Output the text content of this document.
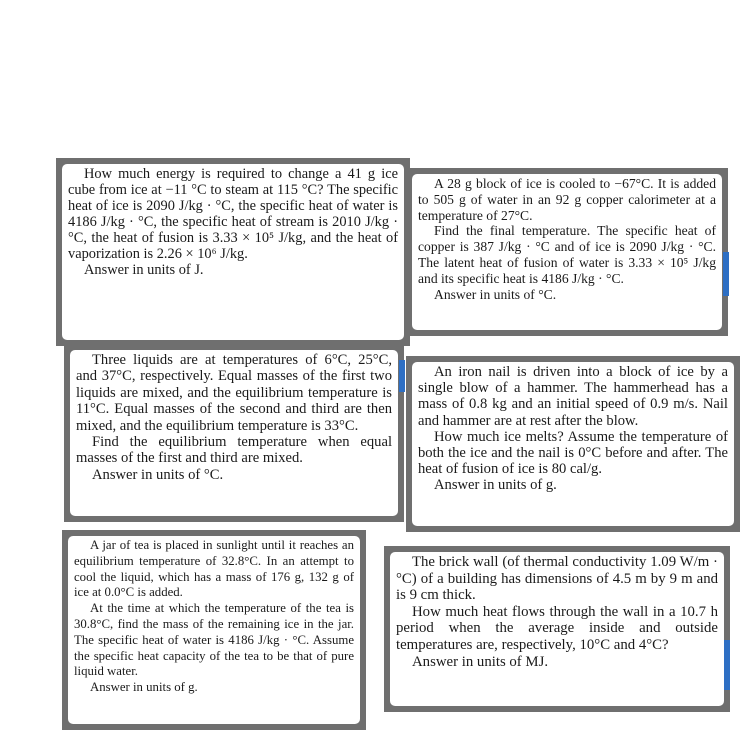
How much energy is required to change a 41 g ice cube from ice at −11 °C to steam at 115 °C? The specific heat of ice is 2090 J/kg · °C, the specific heat of water is 4186 J/kg · °C, the specific heat of stream is 2010 J/kg · °C, the heat of fusion is 3.33 × 10⁵ J/kg, and the heat of vaporization is 2.26 × 10⁶ J/kg.

Answer in units of J.

A 28 g block of ice is cooled to −67°C. It is added to 505 g of water in an 92 g copper calorimeter at a temperature of 27°C.

Find the final temperature. The specific heat of copper is 387 J/kg · °C and of ice is 2090 J/kg · °C. The latent heat of fusion of water is 3.33 × 10⁵ J/kg and its specific heat is 4186 J/kg · °C.

Answer in units of °C.

Three liquids are at temperatures of 6°C, 25°C, and 37°C, respectively. Equal masses of the first two liquids are mixed, and the equilibrium temperature is 11°C. Equal masses of the second and third are then mixed, and the equilibrium temperature is 33°C.

Find the equilibrium temperature when equal masses of the first and third are mixed.

Answer in units of °C.

An iron nail is driven into a block of ice by a single blow of a hammer. The hammerhead has a mass of 0.8 kg and an initial speed of 0.9 m/s. Nail and hammer are at rest after the blow.

How much ice melts? Assume the temperature of both the ice and the nail is 0°C before and after. The heat of fusion of ice is 80 cal/g.

Answer in units of g.

A jar of tea is placed in sunlight until it reaches an equilibrium temperature of 32.8°C. In an attempt to cool the liquid, which has a mass of 176 g, 132 g of ice at 0.0°C is added.

At the time at which the temperature of the tea is 30.8°C, find the mass of the remaining ice in the jar. The specific heat of water is 4186 J/kg · °C. Assume the specific heat capacity of the tea to be that of pure liquid water.

Answer in units of g.

The brick wall (of thermal conductivity 1.09 W/m · °C) of a building has dimensions of 4.5 m by 9 m and is 9 cm thick.

How much heat flows through the wall in a 10.7 h period when the average inside and outside temperatures are, respectively, 10°C and 4°C?

Answer in units of MJ.
